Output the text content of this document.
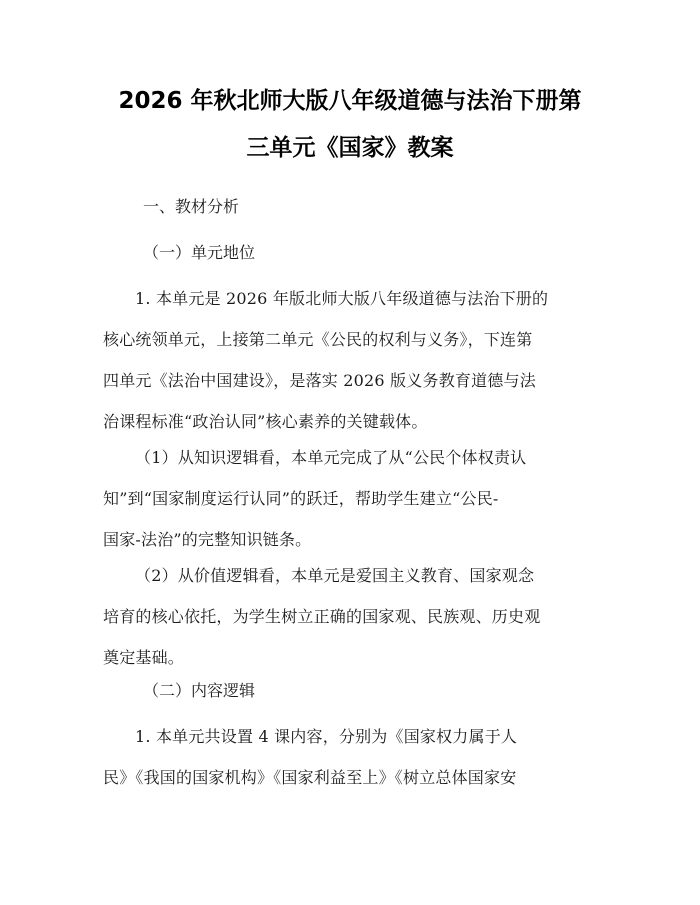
2026 年秋北师大版八年级道德与法治下册第
三单元《国家》教案
一、教材分析
（一）单元地位
1. 本单元是 2026 年版北师大版八年级道德与法治下册的
核心统领单元，上接第二单元《公民的权利与义务》，下连第
四单元《法治中国建设》，是落实 2026 版义务教育道德与法
治课程标准“政治认同”核心素养的关键载体。
（1）从知识逻辑看，本单元完成了从“公民个体权责认
知”到“国家制度运行认同”的跃迁，帮助学生建立“公民-
国家-法治”的完整知识链条。
（2）从价值逻辑看，本单元是爱国主义教育、国家观念
培育的核心依托，为学生树立正确的国家观、民族观、历史观
奠定基础。
（二）内容逻辑
1. 本单元共设置 4 课内容，分别为《国家权力属于人
民》《我国的国家机构》《国家利益至上》《树立总体国家安
